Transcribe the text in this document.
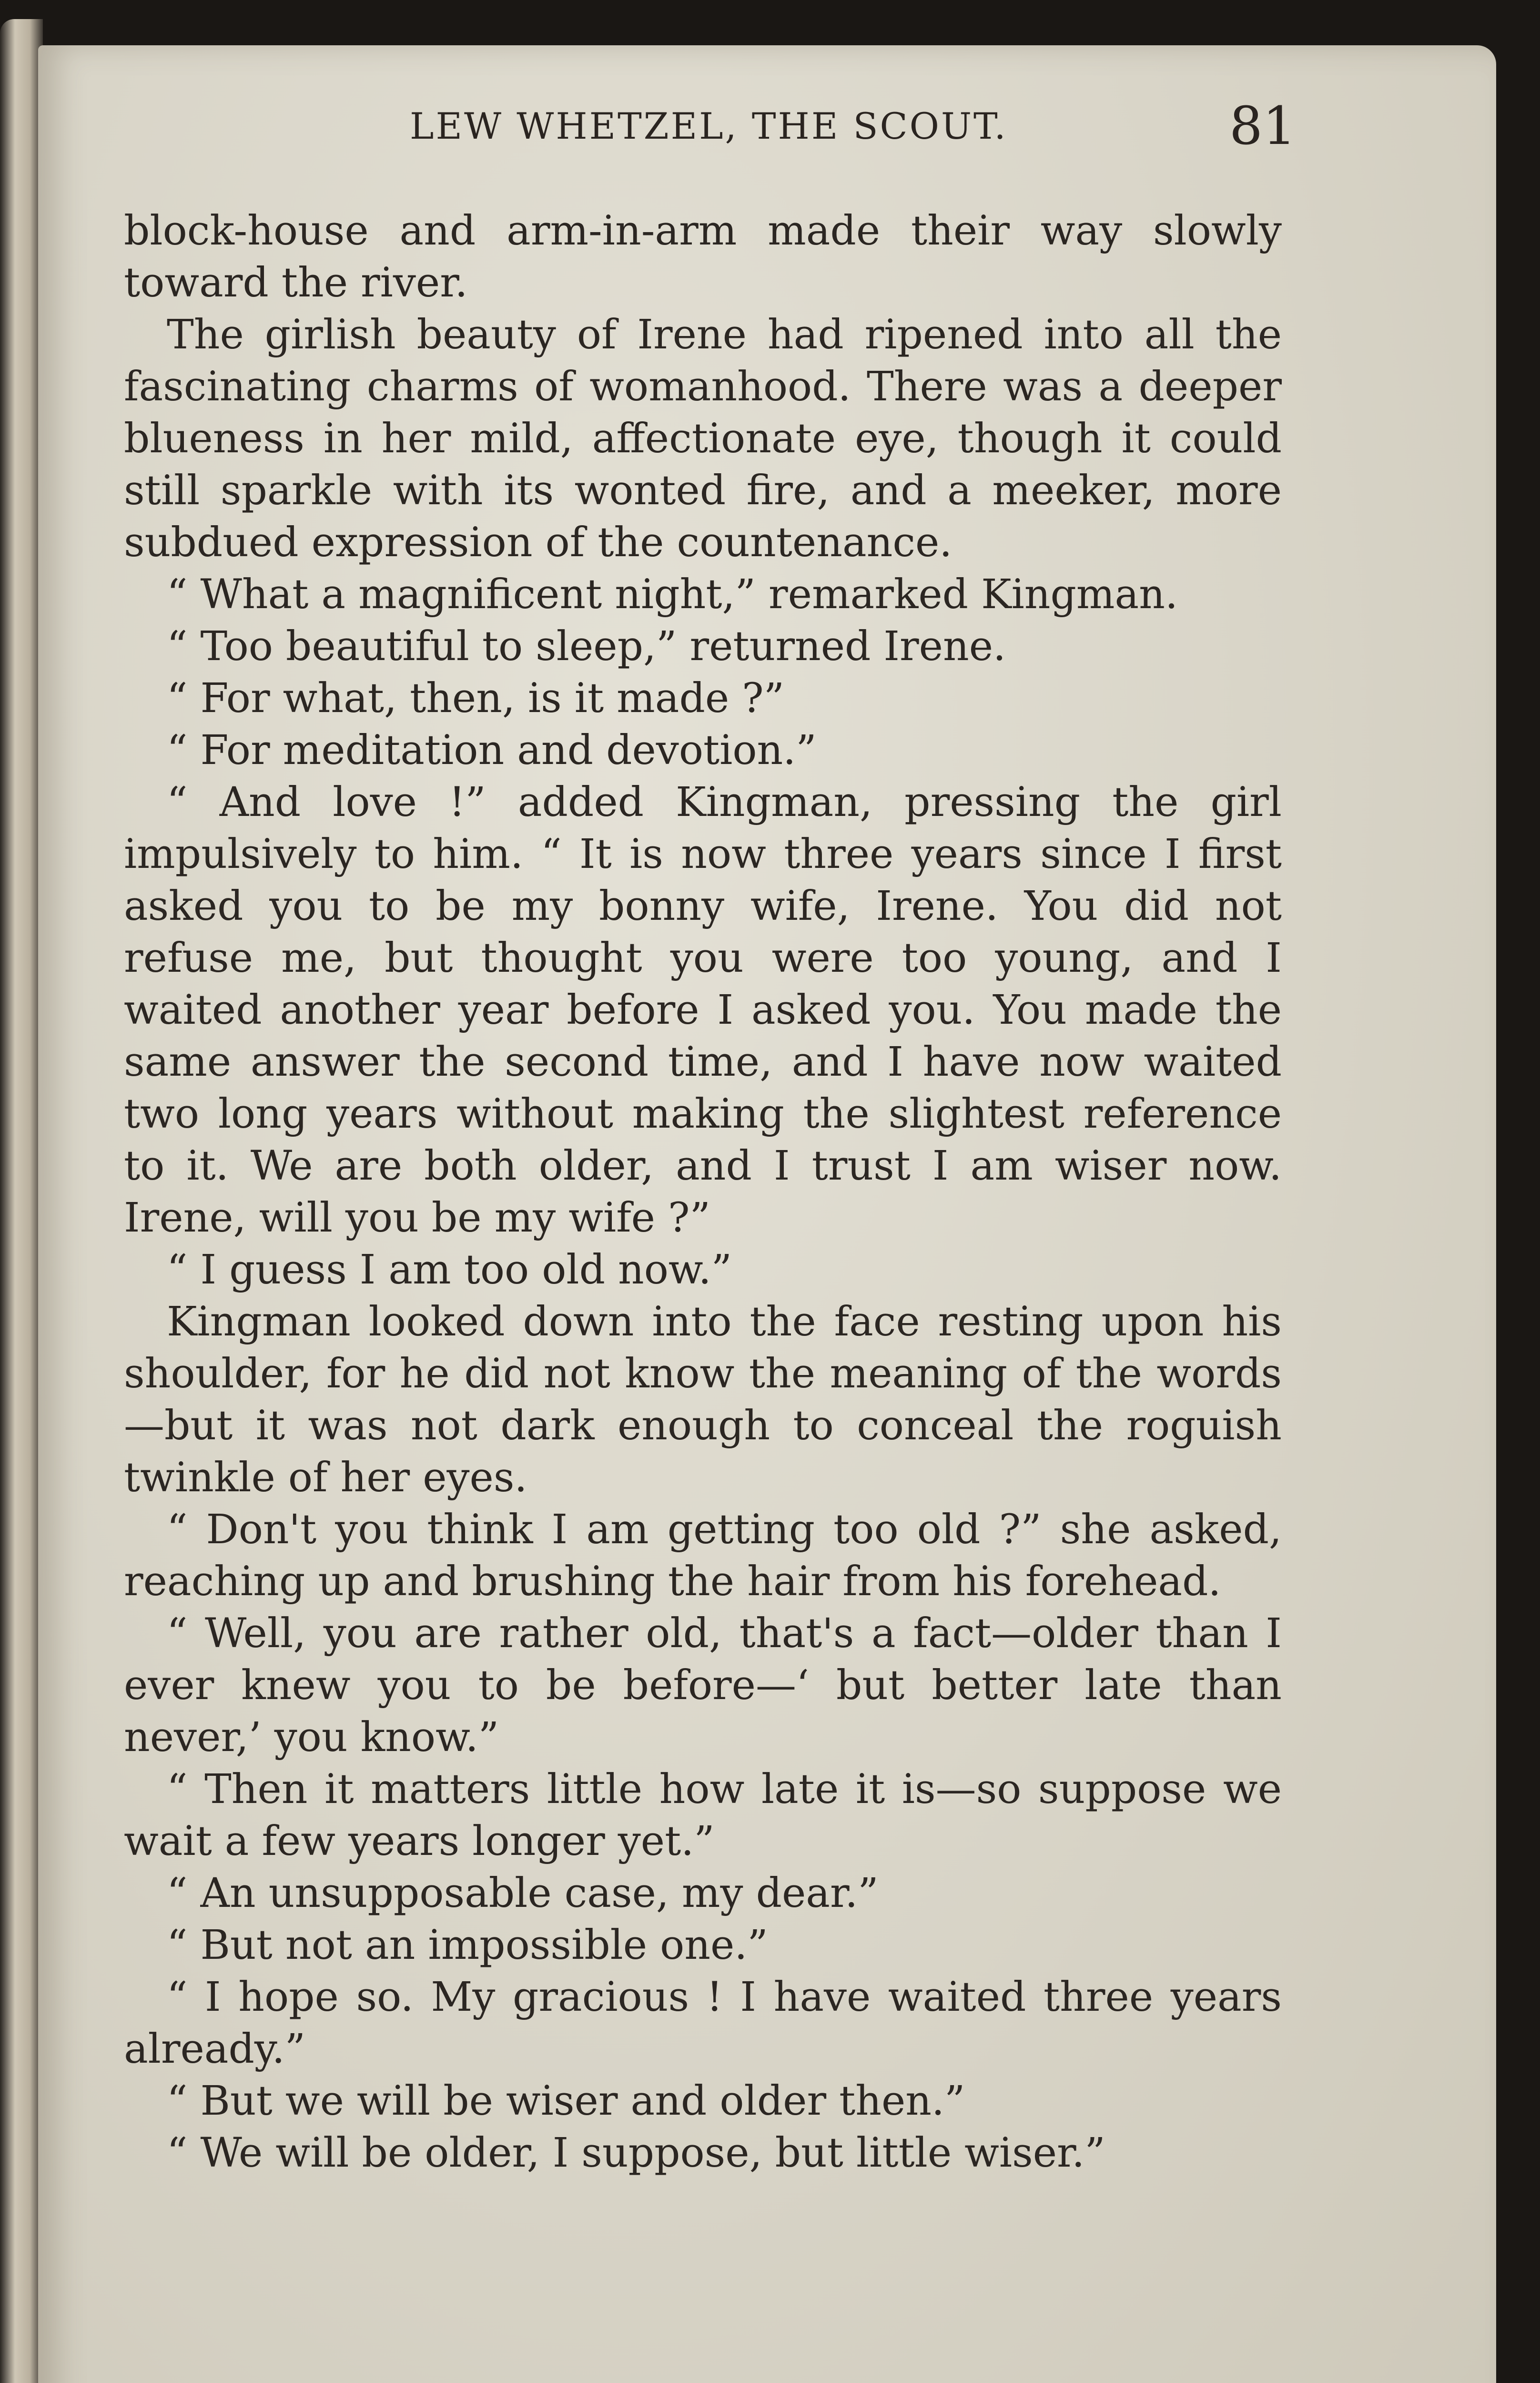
LEW WHETZEL, THE SCOUT.	81

block-house and arm-in-arm made their way slowly toward the river.

The girlish beauty of Irene had ripened into all the fascinating charms of womanhood. There was a deeper blueness in her mild, affectionate eye, though it could still sparkle with its wonted fire, and a meeker, more subdued expression of the countenance.

“ What a magnificent night,” remarked Kingman.

“ Too beautiful to sleep,” returned Irene.

“ For what, then, is it made ?”

“ For meditation and devotion.”

“ And love !” added Kingman, pressing the girl impulsively to him. “ It is now three years since I first asked you to be my bonny wife, Irene. You did not refuse me, but thought you were too young, and I waited another year before I asked you. You made the same answer the second time, and I have now waited two long years without making the slightest reference to it. We are both older, and I trust I am wiser now. Irene, will you be my wife ?”

“ I guess I am too old now.”

Kingman looked down into the face resting upon his shoulder, for he did not know the meaning of the words—but it was not dark enough to conceal the roguish twinkle of her eyes.

“ Don't you think I am getting too old ?” she asked, reaching up and brushing the hair from his forehead.

“ Well, you are rather old, that's a fact—older than I ever knew you to be before—‘ but better late than never,’ you know.”

“ Then it matters little how late it is—so suppose we wait a few years longer yet.”

“ An unsupposable case, my dear.”

“ But not an impossible one.”

“ I hope so. My gracious ! I have waited three years already.”

“ But we will be wiser and older then.”

“ We will be older, I suppose, but little wiser.”
